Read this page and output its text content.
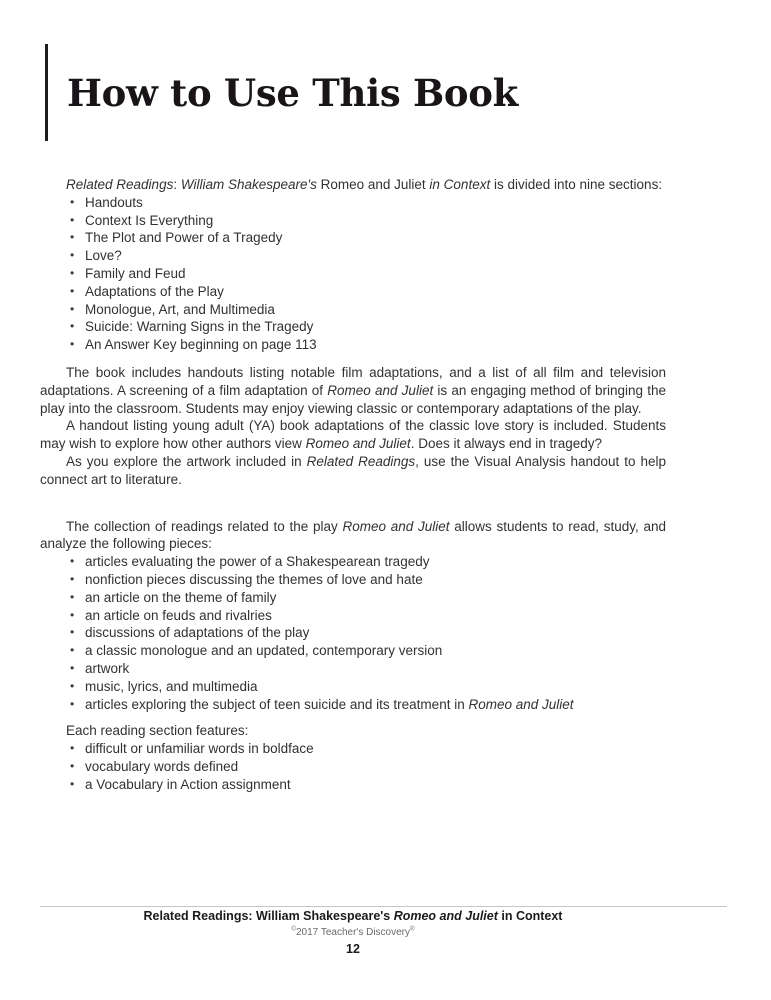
How to Use This Book

Related Readings: William Shakespeare's Romeo and Juliet in Context is divided into nine sections:

• Handouts
• Context Is Everything
• The Plot and Power of a Tragedy
• Love?
• Family and Feud
• Adaptations of the Play
• Monologue, Art, and Multimedia
• Suicide: Warning Signs in the Tragedy
• An Answer Key beginning on page 113

The book includes handouts listing notable film adaptations, and a list of all film and television adaptations. A screening of a film adaptation of Romeo and Juliet is an engaging method of bringing the play into the classroom. Students may enjoy viewing classic or contemporary adaptations of the play.

A handout listing young adult (YA) book adaptations of the classic love story is included. Students may wish to explore how other authors view Romeo and Juliet. Does it always end in tragedy?

As you explore the artwork included in Related Readings, use the Visual Analysis handout to help connect art to literature.

The collection of readings related to the play Romeo and Juliet allows students to read, study, and analyze the following pieces:

• articles evaluating the power of a Shakespearean tragedy
• nonfiction pieces discussing the themes of love and hate
• an article on the theme of family
• an article on feuds and rivalries
• discussions of adaptations of the play
• a classic monologue and an updated, contemporary version
• artwork
• music, lyrics, and multimedia
• articles exploring the subject of teen suicide and its treatment in Romeo and Juliet

Each reading section features:

• difficult or unfamiliar words in boldface
• vocabulary words defined
• a Vocabulary in Action assignment

Related Readings: William Shakespeare's Romeo and Juliet in Context

©2017 Teacher's Discovery®

12
